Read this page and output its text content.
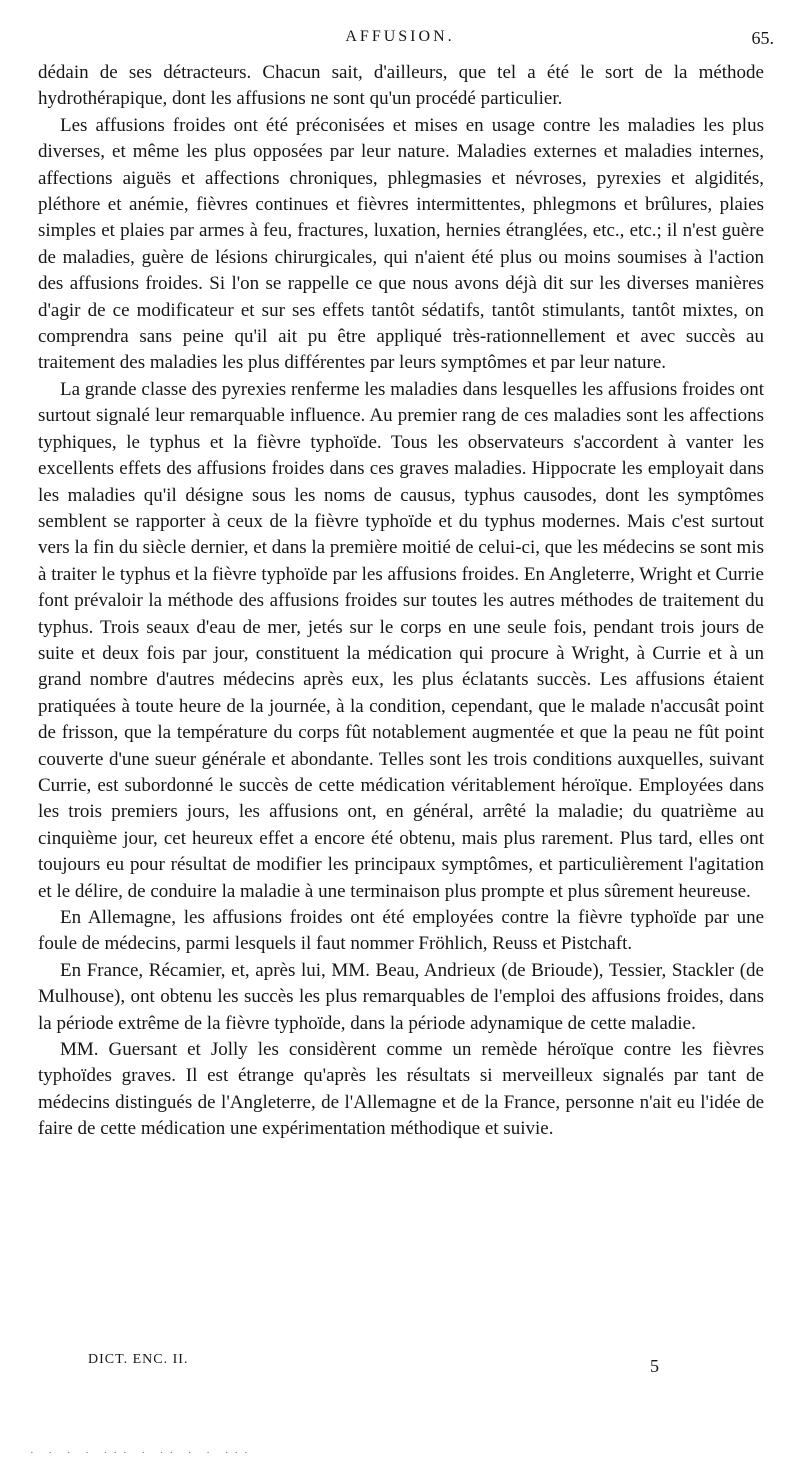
AFFUSION.	65.

dédain de ses détracteurs. Chacun sait, d'ailleurs, que tel a été le sort de la méthode hydrothérapique, dont les affusions ne sont qu'un procédé particulier.

Les affusions froides ont été préconisées et mises en usage contre les maladies les plus diverses, et même les plus opposées par leur nature. Maladies externes et maladies internes, affections aiguës et affections chroniques, phlegmasies et névroses, pyrexies et algidités, pléthore et anémie, fièvres continues et fièvres intermittentes, phlegmons et brûlures, plaies simples et plaies par armes à feu, fractures, luxation, hernies étranglées, etc., etc.; il n'est guère de maladies, guère de lésions chirurgicales, qui n'aient été plus ou moins soumises à l'action des affusions froides. Si l'on se rappelle ce que nous avons déjà dit sur les diverses manières d'agir de ce modificateur et sur ses effets tantôt sédatifs, tantôt stimulants, tantôt mixtes, on comprendra sans peine qu'il ait pu être appliqué très-rationnellement et avec succès au traitement des maladies les plus différentes par leurs symptômes et par leur nature.

La grande classe des pyrexies renferme les maladies dans lesquelles les affusions froides ont surtout signalé leur remarquable influence. Au premier rang de ces maladies sont les affections typhiques, le typhus et la fièvre typhoïde. Tous les observateurs s'accordent à vanter les excellents effets des affusions froides dans ces graves maladies. Hippocrate les employait dans les maladies qu'il désigne sous les noms de causus, typhus causodes, dont les symptômes semblent se rapporter à ceux de la fièvre typhoïde et du typhus modernes. Mais c'est surtout vers la fin du siècle dernier, et dans la première moitié de celui-ci, que les médecins se sont mis à traiter le typhus et la fièvre typhoïde par les affusions froides. En Angleterre, Wright et Currie font prévaloir la méthode des affusions froides sur toutes les autres méthodes de traitement du typhus. Trois seaux d'eau de mer, jetés sur le corps en une seule fois, pendant trois jours de suite et deux fois par jour, constituent la médication qui procure à Wright, à Currie et à un grand nombre d'autres médecins après eux, les plus éclatants succès. Les affusions étaient pratiquées à toute heure de la journée, à la condition, cependant, que le malade n'accusât point de frisson, que la température du corps fût notablement augmentée et que la peau ne fût point couverte d'une sueur générale et abondante. Telles sont les trois conditions auxquelles, suivant Currie, est subordonné le succès de cette médication véritablement héroïque. Employées dans les trois premiers jours, les affusions ont, en général, arrêté la maladie; du quatrième au cinquième jour, cet heureux effet a encore été obtenu, mais plus rarement. Plus tard, elles ont toujours eu pour résultat de modifier les principaux symptômes, et particulièrement l'agitation et le délire, de conduire la maladie à une terminaison plus prompte et plus sûrement heureuse.

En Allemagne, les affusions froides ont été employées contre la fièvre typhoïde par une foule de médecins, parmi lesquels il faut nommer Fröhlich, Reuss et Pistchaft.

En France, Récamier, et, après lui, MM. Beau, Andrieux (de Brioude), Tessier, Stackler (de Mulhouse), ont obtenu les succès les plus remarquables de l'emploi des affusions froides, dans la période extrême de la fièvre typhoïde, dans la période adynamique de cette maladie.

MM. Guersant et Jolly les considèrent comme un remède héroïque contre les fièvres typhoïdes graves. Il est étrange qu'après les résultats si merveilleux signalés par tant de médecins distingués de l'Angleterre, de l'Allemagne et de la France, personne n'ait eu l'idée de faire de cette médication une expérimentation méthodique et suivie.

DICT. ENC. II.	5
· · · · ··· · ·· · · ···
